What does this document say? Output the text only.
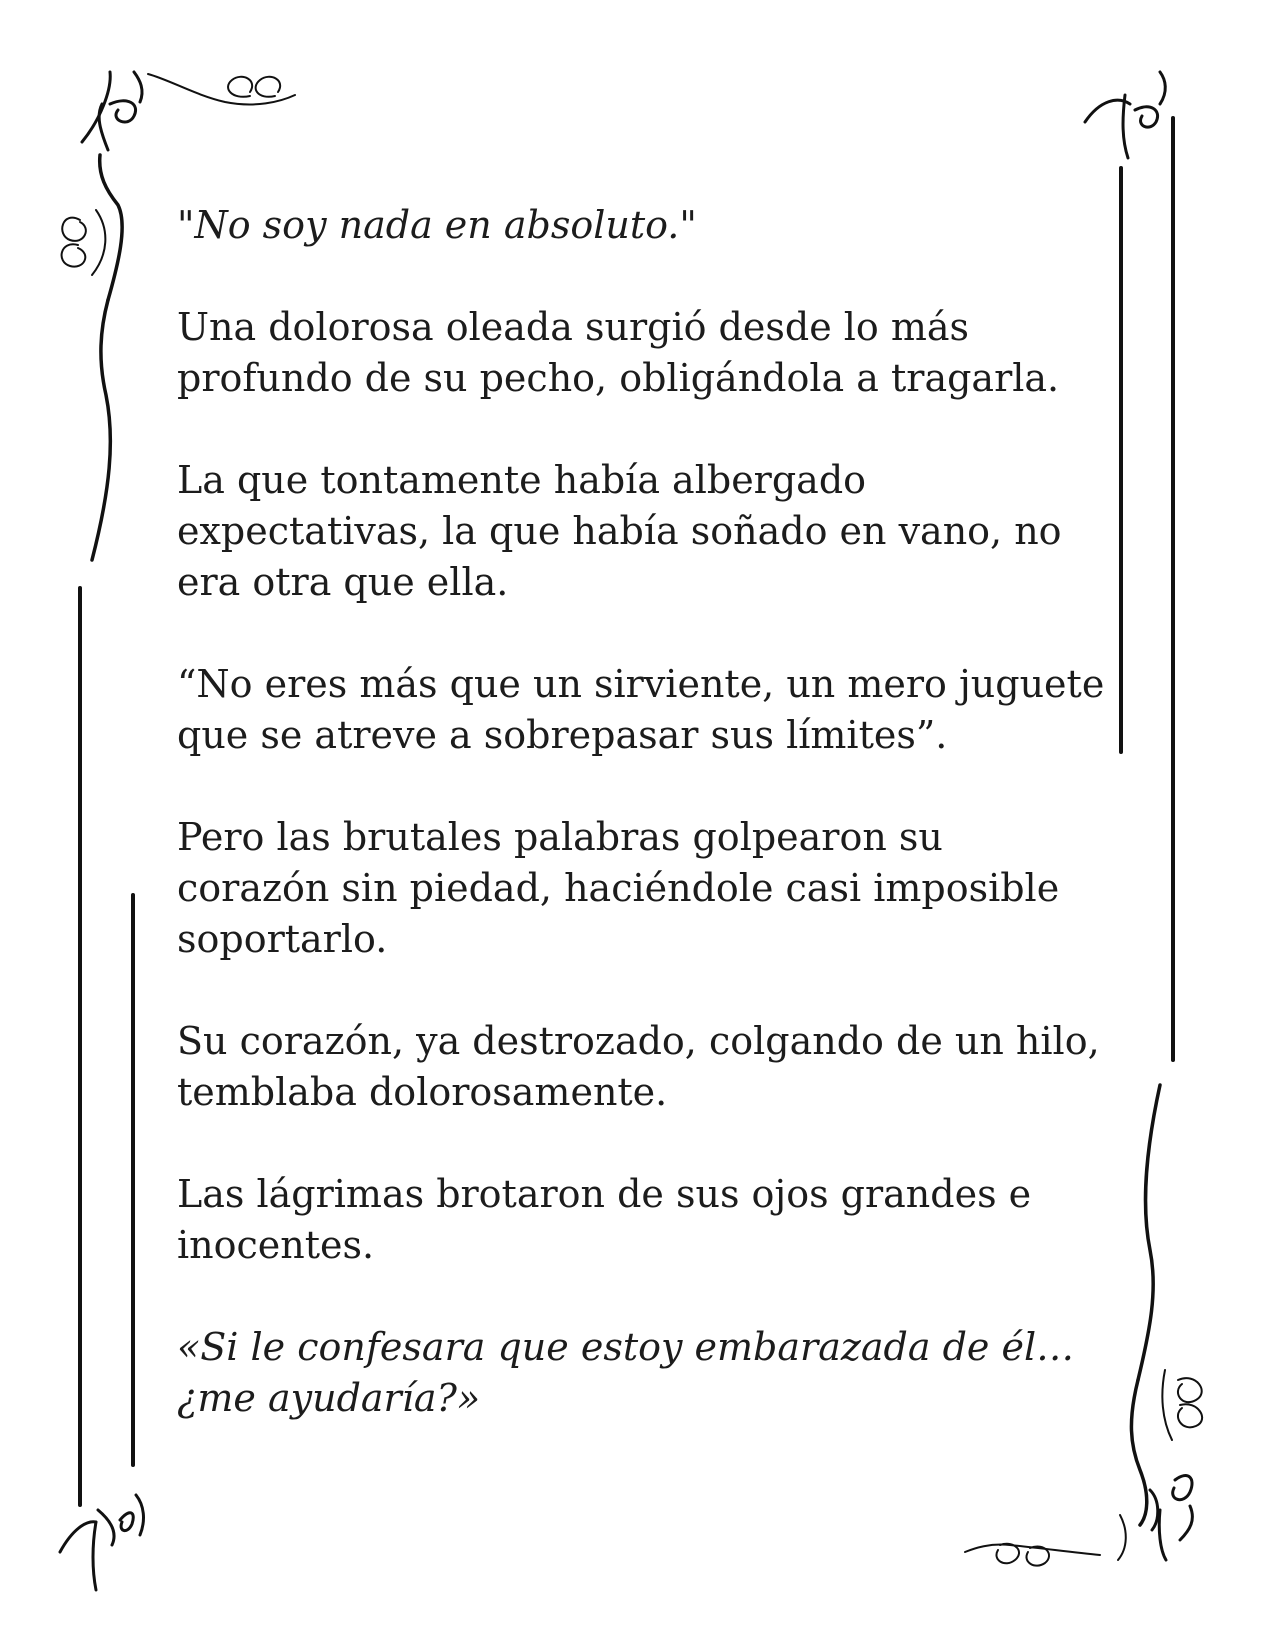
"No soy nada en absoluto."

Una dolorosa oleada surgió desde lo más
profundo de su pecho, obligándola a tragarla.

La que tontamente había albergado
expectativas, la que había soñado en vano, no
era otra que ella.

“No eres más que un sirviente, un mero juguete
que se atreve a sobrepasar sus límites”.

Pero las brutales palabras golpearon su
corazón sin piedad, haciéndole casi imposible
soportarlo.

Su corazón, ya destrozado, colgando de un hilo,
temblaba dolorosamente.

Las lágrimas brotaron de sus ojos grandes e
inocentes.

«Si le confesara que estoy embarazada de él…
¿me ayudaría?»
